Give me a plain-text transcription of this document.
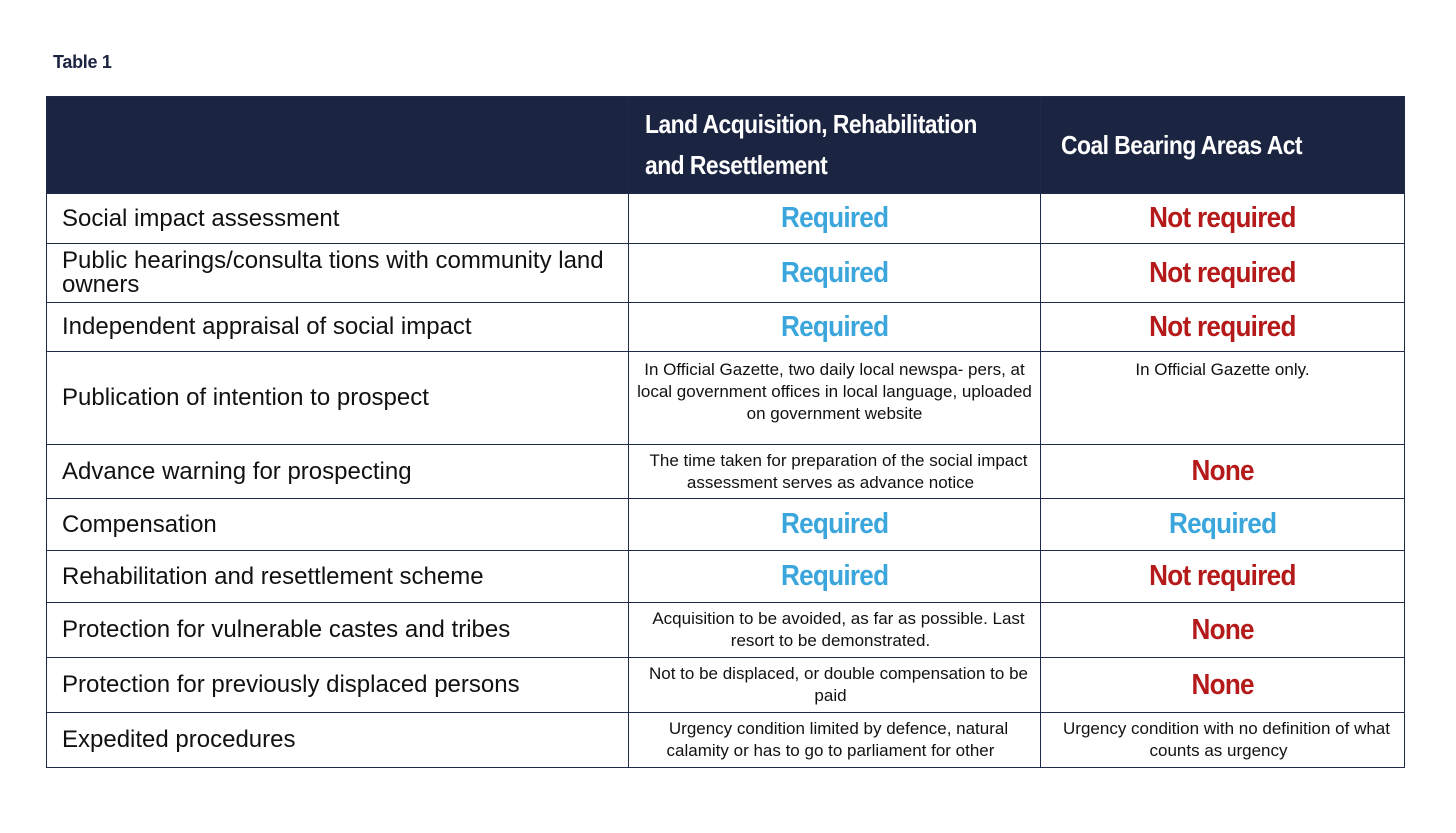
Table 1
	Land Acquisition, Rehabilitation
and Resettlement	Coal Bearing Areas Act
Social impact assessment	Required	Not required
Public hearings/consulta tions with community land owners	Required	Not required
Independent appraisal of social impact	Required	Not required
Publication of intention to prospect	In Official Gazette, two daily local newspa- pers, at local government offices in local language, uploaded on government website	In Official Gazette only.

Advance warning for prospecting	The time taken for preparation of the social impact assessment serves as advance notice	None
Compensation	Required	Required
Rehabilitation and resettlement scheme	Required	Not required
Protection for vulnerable castes and tribes	Acquisition to be avoided, as far as possible. Last resort to be demonstrated.	None
Protection for previously displaced persons	Not to be displaced, or double compensation to be paid	None
Expedited procedures	Urgency condition limited by defence, natural calamity or has to go to parliament for other	Urgency condition with no definition of what counts as urgency
